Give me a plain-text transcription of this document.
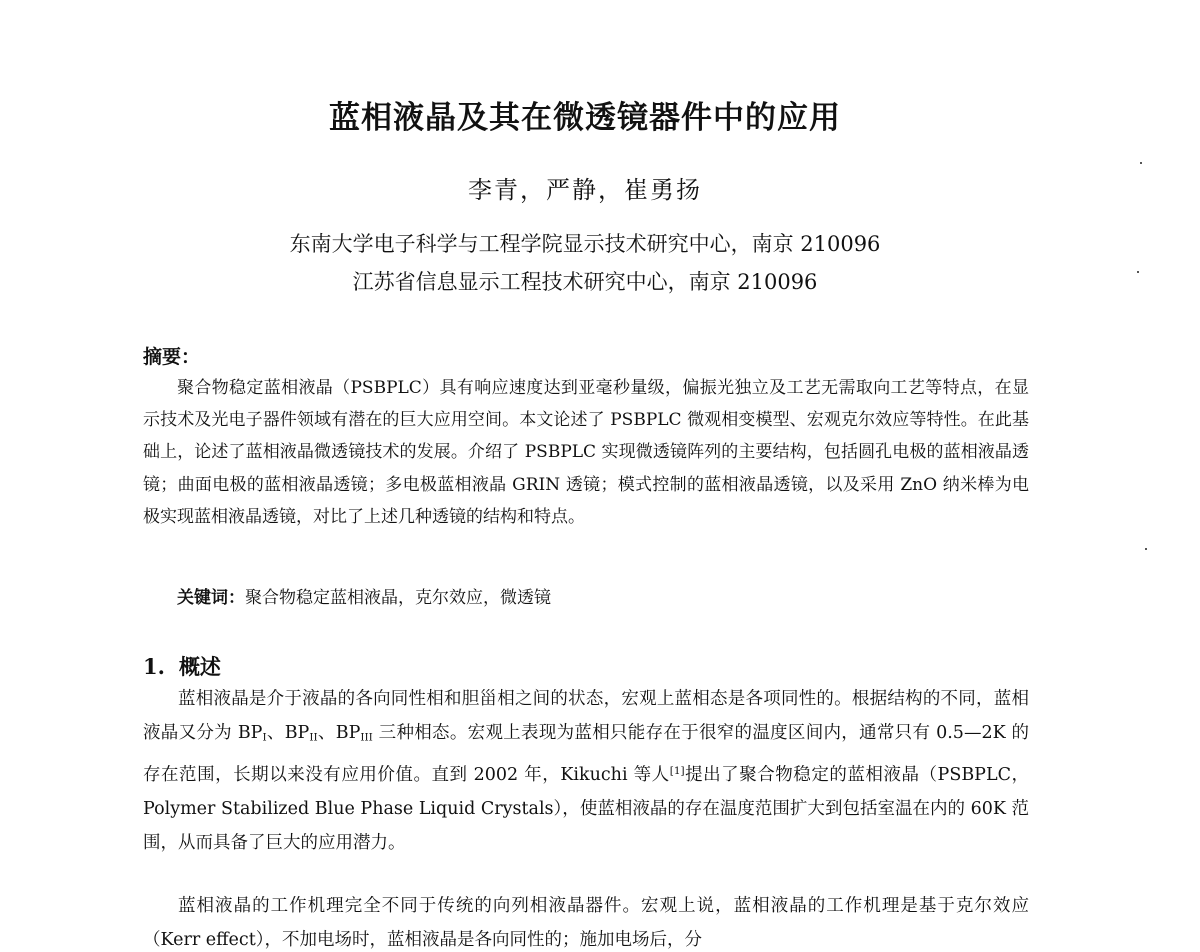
蓝相液晶及其在微透镜器件中的应用

李青，严静，崔勇扬

东南大学电子科学与工程学院显示技术研究中心，南京 210096

江苏省信息显示工程技术研究中心，南京 210096

摘要：

聚合物稳定蓝相液晶（PSBPLC）具有响应速度达到亚毫秒量级，偏振光独立及工艺无需取向工艺等特点，在显示技术及光电子器件领域有潜在的巨大应用空间。本文论述了 PSBPLC 微观相变模型、宏观克尔效应等特性。在此基础上，论述了蓝相液晶微透镜技术的发展。介绍了 PSBPLC 实现微透镜阵列的主要结构，包括圆孔电极的蓝相液晶透镜；曲面电极的蓝相液晶透镜；多电极蓝相液晶 GRIN 透镜；模式控制的蓝相液晶透镜，以及采用 ZnO 纳米棒为电极实现蓝相液晶透镜，对比了上述几种透镜的结构和特点。

关键词：聚合物稳定蓝相液晶，克尔效应，微透镜

1. 概述

蓝相液晶是介于液晶的各向同性相和胆甾相之间的状态，宏观上蓝相态是各项同性的。根据结构的不同，蓝相液晶又分为 $BP_I$、$BP_{II}$、$BP_{III}$ 三种相态。宏观上表现为蓝相只能存在于很窄的温度区间内，通常只有 0.5—2K 的存在范围，长期以来没有应用价值。直到 2002 年，Kikuchi 等人[1]提出了聚合物稳定的蓝相液晶（PSBPLC，Polymer Stabilized Blue Phase Liquid Crystals），使蓝相液晶的存在温度范围扩大到包括室温在内的 60K 范围，从而具备了巨大的应用潜力。

蓝相液晶的工作机理完全不同于传统的向列相液晶器件。宏观上说，蓝相液晶的工作机理是基于克尔效应（Kerr effect），不加电场时，蓝相液晶是各向同性的；施加电场后，分
